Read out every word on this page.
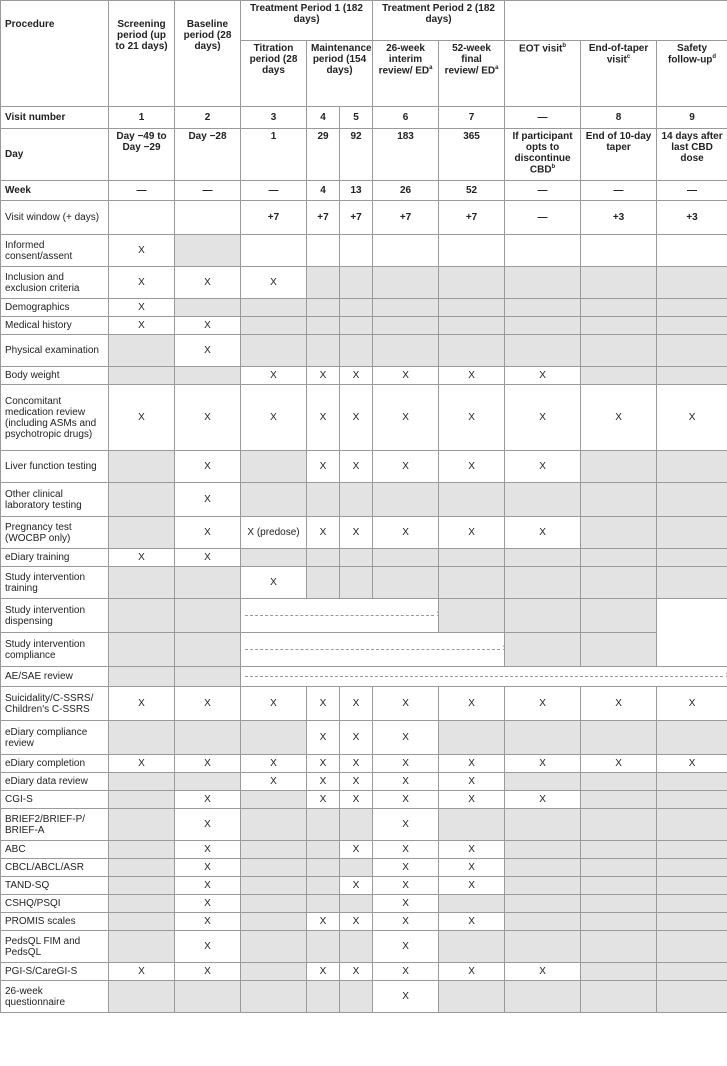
Procedure	Screening period (up to 21 days)	Baseline period (28 days)	Treatment Period 1 (182 days)			Treatment Period 2 (182 days)				
			Titration period (28 days	Maintenance period (154 days)		26-week interim review/ $ED^a$	52-week final review/ $ED^a$	EOT visit$^b$	End-of-taper visit$^c$	Safety follow-$up^d$
Visit number	1	2	3	4	5	6	7	—	8	9
Day	Day −49 to Day −29	Day −28	1	29	92	183	365	If participant opts to discontinue CBD$^b$	End of 10-day taper	14 days after last CBD dose
Week	—	—	—	4	13	26	52	—	—	—
Visit window (+ days)			+7	+7	+7	+7	+7	—	+3	+3
Informed consent/assent	X									
Inclusion and exclusion criteria	X	X	X							
Demographics	X									
Medical history	X	X								
Physical examination		X								
Body weight			X	X	X	X	X	X		
Concomitant medication review (including ASMs and psychotropic drugs)	X	X	X	X	X	X	X	X	X	X
Liver function testing		X		X	X	X	X	X		
Other clinical laboratory testing		X								
Pregnancy test (WOCBP only)		X	X (predose)	X	X	X	X	X		
eDiary training	X	X								
Study intervention training			X							
Study intervention dispensing			
›

Study intervention compliance			
›

AE/SAE review			
›

Suicidality/C-SSRS/ Children's C-SSRS	X	X	X	X	X	X	X	X	X	X
eDiary compliance review				X	X	X				
eDiary completion	X	X	X	X	X	X	X	X	X	X
eDiary data review			X	X	X	X	X			
CGI-S		X		X	X	X	X	X		
BRIEF2/BRIEF-P/ BRIEF-A		X				X				
ABC		X			X	X	X			
CBCL/ABCL/ASR		X				X	X			
TAND-SQ		X			X	X	X			
CSHQ/PSQI		X				X				
PROMIS scales		X		X	X	X	X			
PedsQL FIM and PedsQL		X				X				
PGI-S/CareGI-S	X	X		X	X	X	X	X		
26-week questionnaire						X				
